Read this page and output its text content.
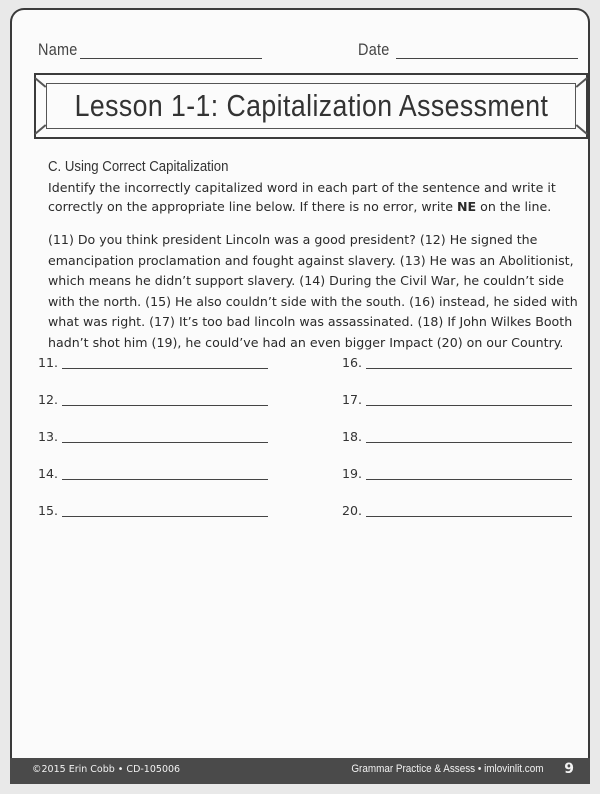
Name	Date
Lesson 1-1: Capitalization Assessment
C. Using Correct Capitalization
Identify the incorrectly capitalized word in each part of the sentence and write it correctly on the appropriate line below. If there is no error, write NE on the line.
(11) Do you think president Lincoln was a good president? (12) He signed the emancipation proclamation and fought against slavery. (13) He was an Abolitionist, which means he didn’t support slavery. (14) During the Civil War, he couldn’t side with the north. (15) He also couldn’t side with the south. (16) instead, he sided with what was right. (17) It’s too bad lincoln was assassinated. (18) If John Wilkes Booth hadn’t shot him (19), he could’ve had an even bigger Impact (20) on our Country.
11.
12.
13.
14.
15.
16.
17.
18.
19.
20.
©2015 Erin Cobb • CD-105006	Grammar Practice & Assess • imlovinlit.com 9
